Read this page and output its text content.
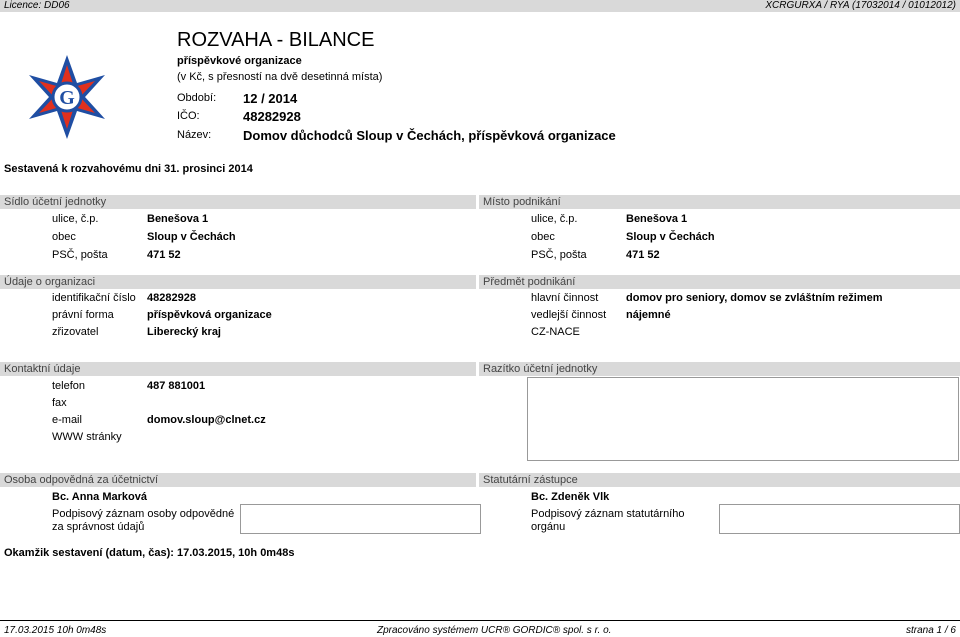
Licence: DD06	XCRGURXA / RYA (17032014 / 01012012)
G
ROZVAHA - BILANCE
příspěvkové organizace
(v Kč, s přesností na dvě desetinná místa)
Období: 12 / 2014
IČO:	48282928
Název: Domov důchodců Sloup v Čechách, příspěvková organizace
Sestavená k rozvahovému dni 31. prosinci 2014
Sídlo účetní jednotky	Místo podnikání
ulice, č.p.	Benešova 1
obec	Sloup v Čechách
PSČ, pošta	471 52
ulice, č.p.	Benešova 1
obec	Sloup v Čechách
PSČ, pošta	471 52
Údaje o organizaci	Předmět podnikání
identifikační číslo 48282928
právní forma	příspěvková organizace
zřizovatel	Liberecký kraj
hlavní činnost	domov pro seniory, domov se zvláštním režimem
vedlejší činnost nájemné
CZ-NACE
Kontaktní údaje	Razítko účetní jednotky
telefon	487 881001
fax
e-mail	domov.sloup@clnet.cz
WWW stránky
Osoba odpovědná za účetnictví	Statutární zástupce
Bc. Anna Marková
Podpisový záznam osoby odpovědné
za správnost údajů
Bc. Zdeněk Vlk
Podpisový záznam statutárního
orgánu
Okamžik sestavení (datum, čas): 17.03.2015, 10h 0m48s
17.03.2015 10h 0m48s	Zpracováno systémem UCR® GORDIC® spol. s r. o.	strana 1 / 6
